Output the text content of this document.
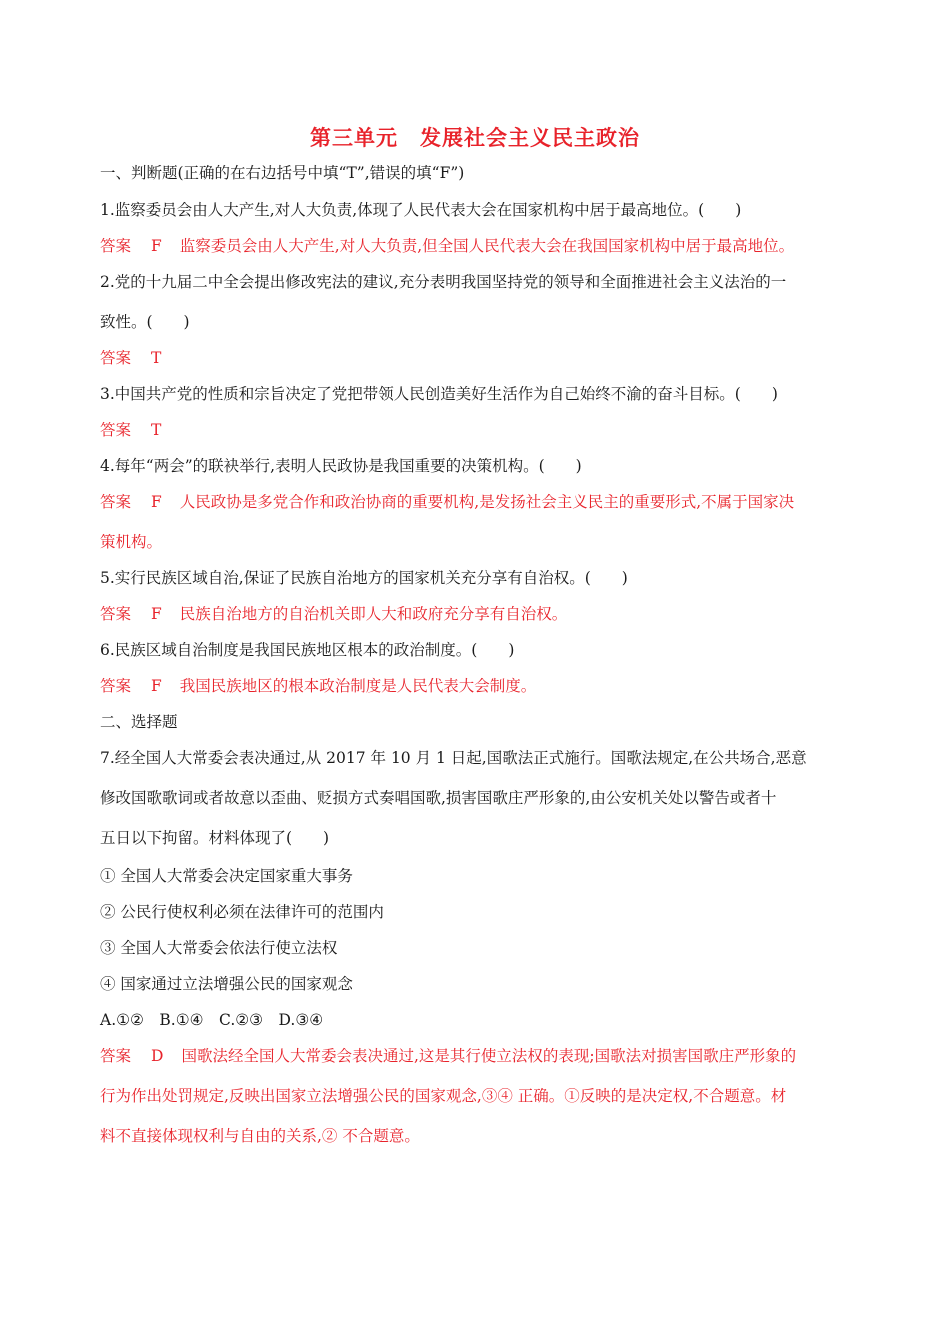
第三单元　发展社会主义民主政治
一、判断题(正确的在右边括号中填“T”,错误的填“F”)
1.监察委员会由人大产生,对人大负责,体现了人民代表大会在国家机构中居于最高地位。(　　)
答案 F 监察委员会由人大产生,对人大负责,但全国人民代表大会在我国国家机构中居于最高地位。
2.党的十九届二中全会提出修改宪法的建议,充分表明我国坚持党的领导和全面推进社会主义法治的一
致性。(　　)
答案 T
3.中国共产党的性质和宗旨决定了党把带领人民创造美好生活作为自己始终不渝的奋斗目标。(　　)
答案 T
4.每年“两会”的联袂举行,表明人民政协是我国重要的决策机构。(　　)
答案 F 人民政协是多党合作和政治协商的重要机构,是发扬社会主义民主的重要形式,不属于国家决
策机构。
5.实行民族区域自治,保证了民族自治地方的国家机关充分享有自治权。(　　)
答案 F 民族自治地方的自治机关即人大和政府充分享有自治权。
6.民族区域自治制度是我国民族地区根本的政治制度。(　　)
答案 F 我国民族地区的根本政治制度是人民代表大会制度。
二、选择题
7.经全国人大常委会表决通过,从 2017 年 10 月 1 日起,国歌法正式施行。国歌法规定,在公共场合,恶意
修改国歌歌词或者故意以歪曲、贬损方式奏唱国歌,损害国歌庄严形象的,由公安机关处以警告或者十
五日以下拘留。材料体现了(　　)
① 全国人大常委会决定国家重大事务
② 公民行使权利必须在法律许可的范围内
③ 全国人大常委会依法行使立法权
④ 国家通过立法增强公民的国家观念
A.①②　B.①④　C.②③　D.③④
答案 D 国歌法经全国人大常委会表决通过,这是其行使立法权的表现;国歌法对损害国歌庄严形象的
行为作出处罚规定,反映出国家立法增强公民的国家观念,③④ 正确。①反映的是决定权,不合题意。材
料不直接体现权利与自由的关系,② 不合题意。
